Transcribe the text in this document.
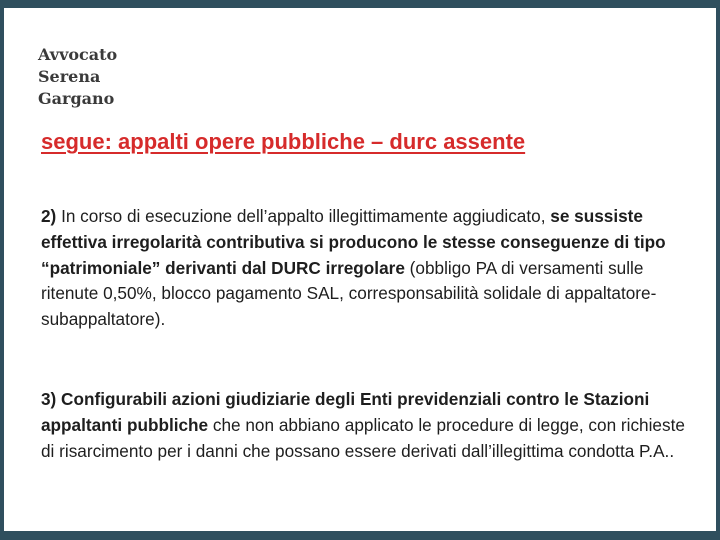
Avvocato
Serena
Gargano
segue: appalti opere pubbliche – durc assente
2) In corso di esecuzione dell’appalto illegittimamente aggiudicato, se sussiste effettiva irregolarità contributiva si producono le stesse conseguenze di tipo “patrimoniale” derivanti dal DURC irregolare (obbligo PA di versamenti sulle ritenute 0,50%, blocco pagamento SAL, corresponsabilità solidale di appaltatore-subappaltatore).
3) Configurabili azioni giudiziarie degli Enti previdenziali contro le Stazioni appaltanti pubbliche che non abbiano applicato le procedure di legge, con richieste di risarcimento per i danni che possano essere derivati dall’illegittima condotta P.A..
